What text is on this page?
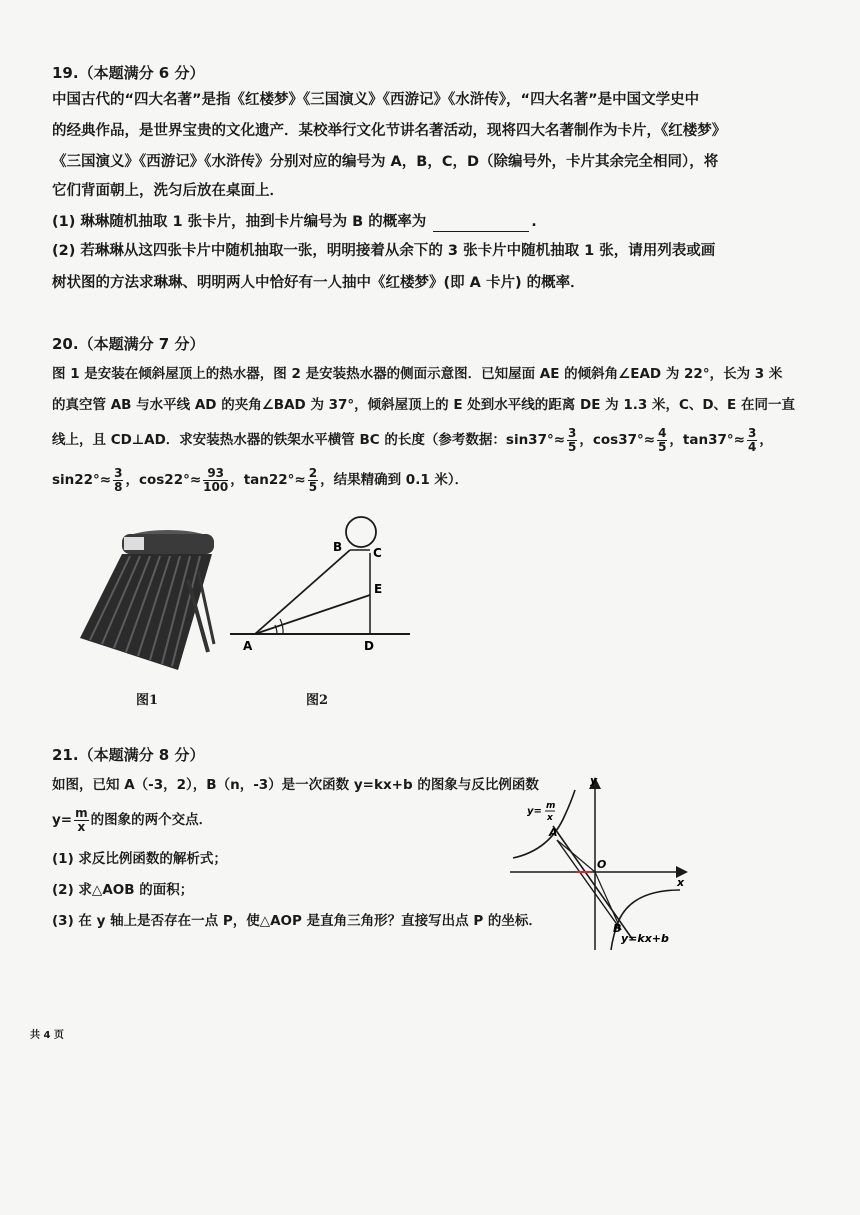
19.（本题满分 6 分）
中国古代的“四大名著”是指《红楼梦》《三国演义》《西游记》《水浒传》，“四大名著”是中国文学史中
的经典作品，是世界宝贵的文化遗产．某校举行文化节讲名著活动，现将四大名著制作为卡片，《红楼梦》
《三国演义》《西游记》《水浒传》分别对应的编号为 A，B，C，D（除编号外，卡片其余完全相同），将
它们背面朝上，洗匀后放在桌面上．
(1) 琳琳随机抽取 1 张卡片，抽到卡片编号为 B 的概率为	.
(2) 若琳琳从这四张卡片中随机抽取一张，明明接着从余下的 3 张卡片中随机抽取 1 张，请用列表或画
树状图的方法求琳琳、明明两人中恰好有一人抽中《红楼梦》(即 A 卡片) 的概率．
20.（本题满分 7 分）
图 1 是安装在倾斜屋顶上的热水器，图 2 是安装热水器的侧面示意图．已知屋面 AE 的倾斜角∠EAD 为 22°，长为 3 米
的真空管 AB 与水平线 AD 的夹角∠BAD 为 37°，倾斜屋顶上的 E 处到水平线的距离 DE 为 1.3 米，C、D、E 在同一直
线上，且 CD⊥AD．求安装热水器的铁架水平横管 BC 的长度（参考数据：$\sin 37^\circ\approx \frac{3}{5}$ ，$\cos 37^\circ\approx \frac{4}{5}$ ，$\tan 37^\circ\approx \frac{3}{4}$ ，
$\sin 22^\circ\approx \frac{3}{8}$ ，$\cos 22^\circ\approx \frac{93}{100}$ ，$\tan 22^\circ\approx \frac{2}{5}$ ，结果精确到 0.1 米）．
图1
B	C
E
A	D
图2
21.（本题满分 8 分）
如图，已知 A（-3，2），B（n，-3）是一次函数 y=kx+b 的图象与反比例函数
$y= \frac{m}{x}$ 的图象的两个交点．
(1) 求反比例函数的解析式；
(2) 求△AOB 的面积；
(3) 在 y 轴上是否存在一点 P，使△AOP 是直角三角形？直接写出点 P 的坐标．
y
x
O
A
B
y= m
x
y=kx+b
共 4 页
